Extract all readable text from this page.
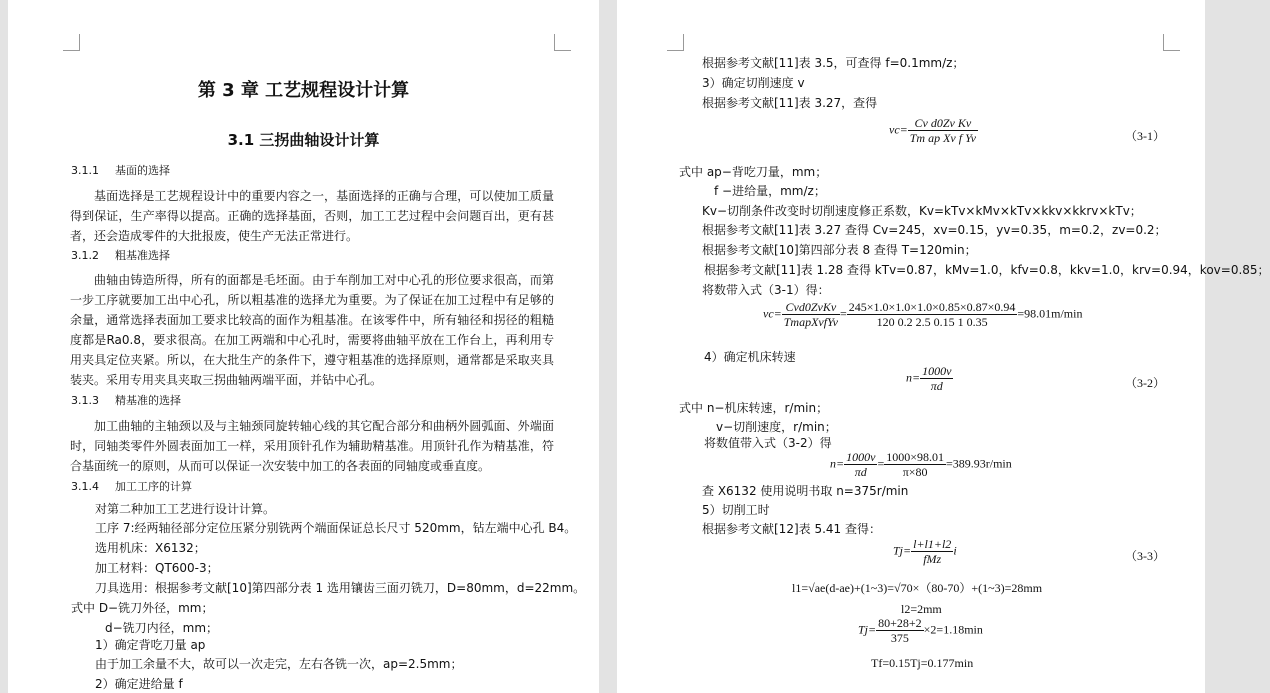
第 3 章 工艺规程设计计算
3.1 三拐曲轴设计计算
3.1.1 基面的选择

基面选择是工艺规程设计中的重要内容之一，基面选择的正确与合理，可以使加工质量得到保证，生产率得以提高。正确的选择基面，否则，加工工艺过程中会问题百出，更有甚者，还会造成零件的大批报废，使生产无法正常进行。

3.1.2 粗基准选择

曲轴由铸造所得，所有的面都是毛坯面。由于车削加工对中心孔的形位要求很高，而第一步工序就要加工出中心孔，所以粗基准的选择尤为重要。为了保证在加工过程中有足够的余量，通常选择表面加工要求比较高的面作为粗基准。在该零件中，所有轴径和拐径的粗糙度都是Ra0.8，要求很高。在加工两端和中心孔时，需要将曲轴平放在工作台上，再利用专用夹具定位夹紧。所以，在大批生产的条件下，遵守粗基准的选择原则，通常都是采取夹具装夹。采用专用夹具夹取三拐曲轴两端平面，并钻中心孔。

3.1.3 精基准的选择

加工曲轴的主轴颈以及与主轴颈同旋转轴心线的其它配合部分和曲柄外圆弧面、外端面时，同轴类零件外圆表面加工一样，采用顶针孔作为辅助精基准。用顶针孔作为精基准，符合基面统一的原则，从而可以保证一次安装中加工的各表面的同轴度或垂直度。

3.1.4 加工工序的计算
对第二种加工工艺进行设计计算。
工序 7:经两轴径部分定位压紧分别铣两个端面保证总长尺寸 520mm，钻左端中心孔 B4。
选用机床：X6132；
加工材料：QT600-3；
刀具选用：根据参考文献[10]第四部分表 1 选用镶齿三面刃铣刀，D=80mm，d=22mm。
式中 D−铣刀外径，mm；
d−铣刀内径，mm；
1）确定背吃刀量 ap
由于加工余量不大，故可以一次走完，左右各铣一次，ap=2.5mm；
2）确定进给量 f
根据参考文献[11]表 3.5，可查得 f=0.1mm/z；
3）确定切削速度 v
根据参考文献[11]表 3.27，查得
$vc= \frac{\text{Cv d0Zv Kv}}{\text{Tm ap Xv f Yv}}$	（3-1）
式中 ap−背吃刀量，mm；
f −进给量，mm/z；
Kv−切削条件改变时切削速度修正系数，Kv=kTv×kMv×kTv×kkv×kkrv×kTv；
根据参考文献[11]表 3.27 查得 Cv=245，xv=0.15，yv=0.35，m=0.2，zv=0.2；
根据参考文献[10]第四部分表 8 查得 T=120min；
根据参考文献[11]表 1.28 查得 kTv=0.87，kMv=1.0，kfv=0.8，kkv=1.0，krv=0.94，kov=0.85；
将数带入式（3-1）得：
$vc= \frac{\text{Cvd0ZvKv}}{\text{TmapXvfYv}} = \frac{245\times 1.0\times 1.0\times 1.0\times 0.85\times 0.87\times 0.94}{120 0.2 2.5 0.15 1 0.35} =98.01m/\min$
4）确定机床转速
$n= \frac{1000v}{\pi d}$	（3-2）
式中 n−机床转速，r/min；
v−切削速度，r/min；
将数值带入式（3-2）得
$n= \frac{1000v}{\pi d} = \frac{1000\times 98.01}{\pi\times 80} =389.93r/\min$
查 X6132 使用说明书取 n=375r/min
5）切削工时
根据参考文献[12]表 5.41 查得：
$Tj= \frac{l+l1+l2}{\text{fMz}}$ i	（3-3）
l1=√ae(d-ae)+(1~3)=√70×（80-70）+(1~3)=28mm
l2=2mm
$Tj= \frac{80+28+2}{375} \times 2=1.18\min$
Tf=0.15Tj=0.177min
